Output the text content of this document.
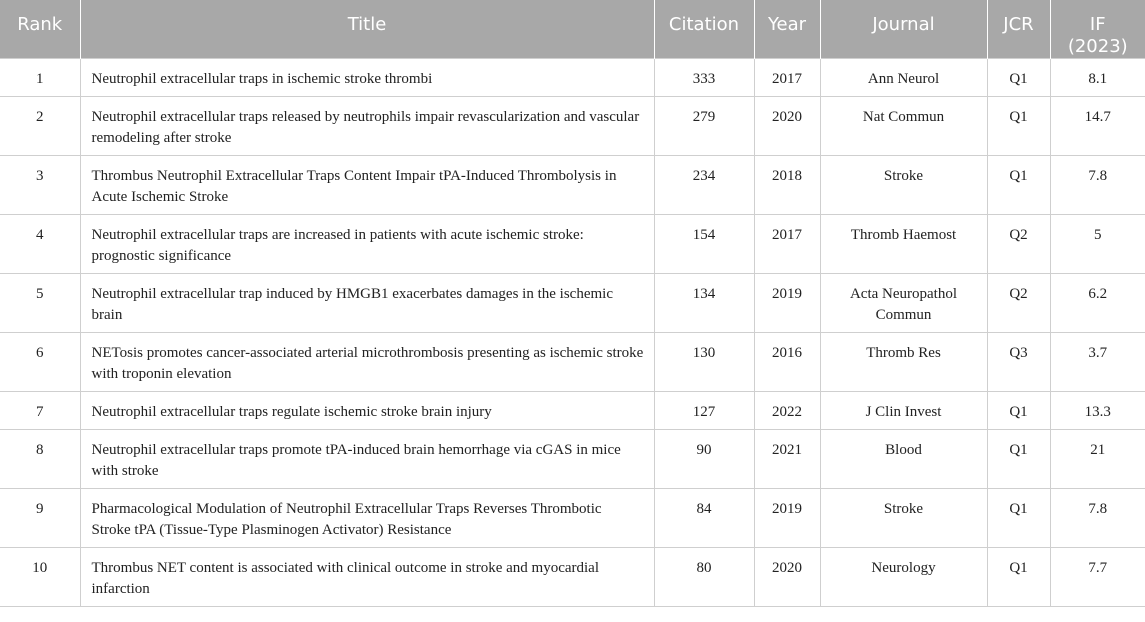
Rank	Title	Citation	Year	Journal	JCR	IF
(2023)

1	Neutrophil extracellular traps in ischemic stroke thrombi	333	2017	Ann Neurol	Q1	8.1
2	Neutrophil extracellular traps released by neutrophils impair revascularization and vascular remodeling after stroke	279	2020	Nat Commun	Q1	14.7
3	Thrombus Neutrophil Extracellular Traps Content Impair tPA-Induced Thrombolysis in Acute Ischemic Stroke	234	2018	Stroke	Q1	7.8
4	Neutrophil extracellular traps are increased in patients with acute ischemic stroke: prognostic significance	154	2017	Thromb Haemost	Q2	5
5	Neutrophil extracellular trap induced by HMGB1 exacerbates damages in the ischemic brain	134	2019	Acta Neuropathol Commun	Q2	6.2
6	NETosis promotes cancer-associated arterial microthrombosis presenting as ischemic stroke with troponin elevation	130	2016	Thromb Res	Q3	3.7
7	Neutrophil extracellular traps regulate ischemic stroke brain injury	127	2022	J Clin Invest	Q1	13.3
8	Neutrophil extracellular traps promote tPA-induced brain hemorrhage via cGAS in mice with stroke	90	2021	Blood	Q1	21
9	Pharmacological Modulation of Neutrophil Extracellular Traps Reverses Thrombotic Stroke tPA (Tissue-Type Plasminogen Activator) Resistance	84	2019	Stroke	Q1	7.8
10	Thrombus NET content is associated with clinical outcome in stroke and myocardial infarction	80	2020	Neurology	Q1	7.7
